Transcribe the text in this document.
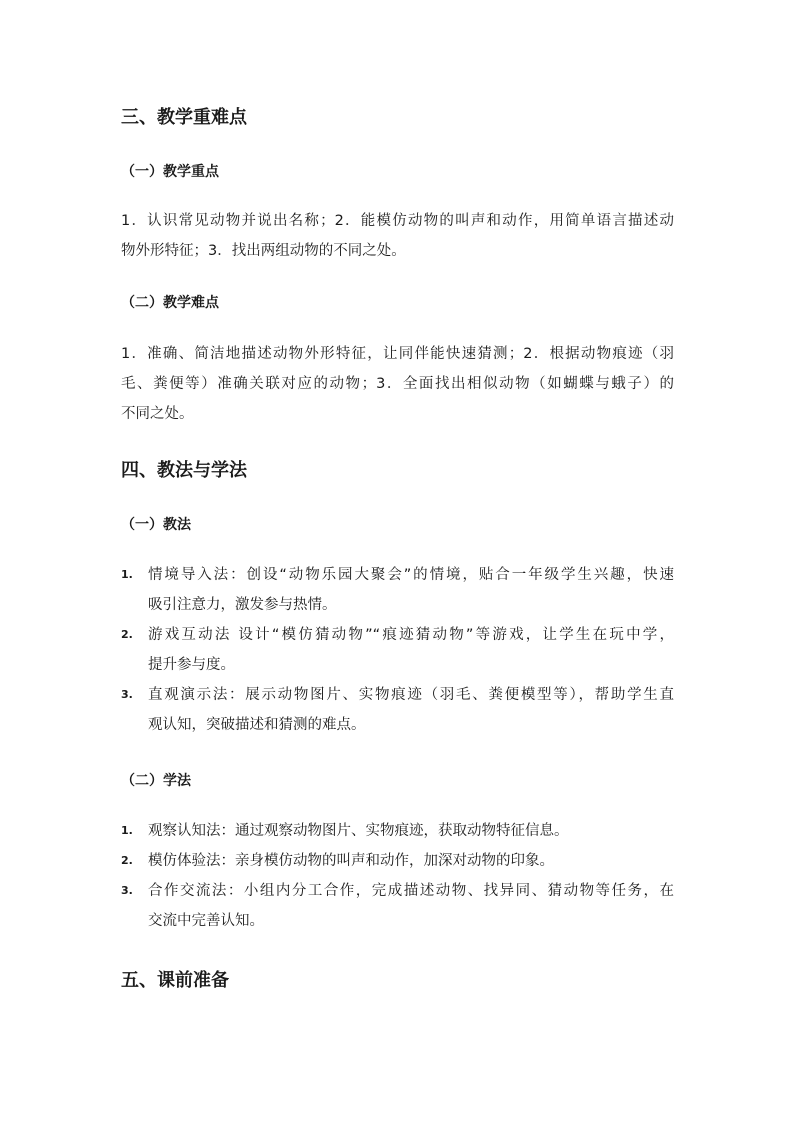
三、教学重难点
（一）教学重点
1．认识常见动物并说出名称；2．能模仿动物的叫声和动作，用简单语言描述动
物外形特征；3．找出两组动物的不同之处。
（二）教学难点
1．准确、简洁地描述动物外形特征，让同伴能快速猜测；2．根据动物痕迹（羽
毛、粪便等）准确关联对应的动物；3．全面找出相似动物（如蝴蝶与蛾子）的
不同之处。
四、教法与学法
（一）教法
1. 情境导入法：创设“动物乐园大聚会”的情境，贴合一年级学生兴趣，快速
吸引注意力，激发参与热情。
2. 游戏互动法 设计“模仿猜动物”“痕迹猜动物”等游戏，让学生在玩中学，
提升参与度。
3. 直观演示法：展示动物图片、实物痕迹（羽毛、粪便模型等），帮助学生直
观认知，突破描述和猜测的难点。
（二）学法
1. 观察认知法：通过观察动物图片、实物痕迹，获取动物特征信息。
2. 模仿体验法：亲身模仿动物的叫声和动作，加深对动物的印象。
3. 合作交流法：小组内分工合作，完成描述动物、找异同、猜动物等任务，在
交流中完善认知。
五、课前准备
